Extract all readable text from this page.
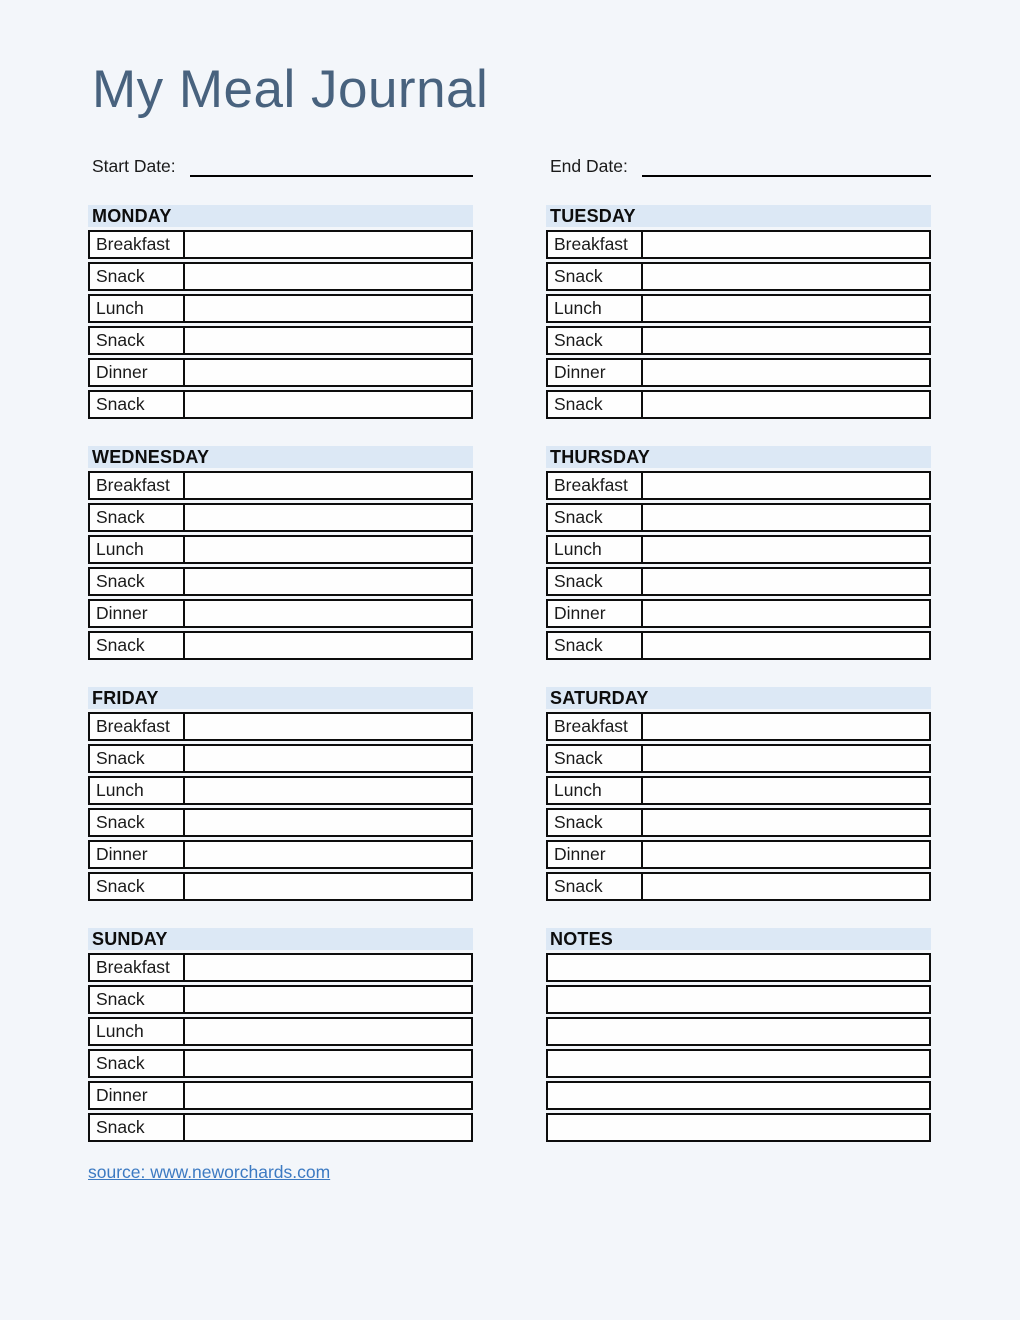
My Meal Journal
Start Date:	End Date:
MONDAY
Breakfast
Snack
Lunch
Snack
Dinner
Snack
TUESDAY
Breakfast
Snack
Lunch
Snack
Dinner
Snack
WEDNESDAY
Breakfast
Snack
Lunch
Snack
Dinner
Snack
THURSDAY
Breakfast
Snack
Lunch
Snack
Dinner
Snack
FRIDAY
Breakfast
Snack
Lunch
Snack
Dinner
Snack
SATURDAY
Breakfast
Snack
Lunch
Snack
Dinner
Snack
SUNDAY
Breakfast
Snack
Lunch
Snack
Dinner
Snack
NOTES
source: www.neworchards.com
